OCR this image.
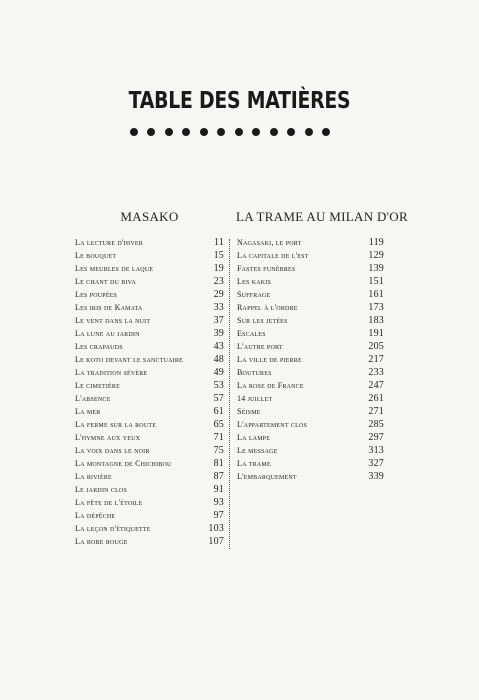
TABLE DES MATIÈRES
MASAKO	LA TRAME AU MILAN D'OR
La lecture d'hiver	11
Le bouquet	15
Les meubles de laque	19
Le chant du biva	23
Les poupées	29
Les iris de Kamata	33
Le vent dans la nuit	37
La lune au jardin	39
Les crapauds	43
Le koto devant le sanctuaire	48
La tradition sévère	49
Le cimetière	53
L'absence	57
La mer	61
La ferme sur la route	65
L'hymne aux yeux	71
La voix dans le noir	75
La montagne de Chichibou	81
La rivière	87
Le jardin clos	91
La fête de l'étoile	93
La dépêche	97
La leçon d'étiquette	103
La robe rouge	107
Nagasaki, le port	119
La capitale de l'est	129
Fastes funèbres	139
Les kakis	151
Suffrage	161
Rappel à l'ordre	173
Sur les jetées	183
Escales	191
L'autre port	205
La ville de pierre	217
Boutures	233
La rose de France	247
14 juillet	261
Séisme	271
L'appartement clos	285
La lampe	297
Le message	313
La trame	327
L'embarquement	339
